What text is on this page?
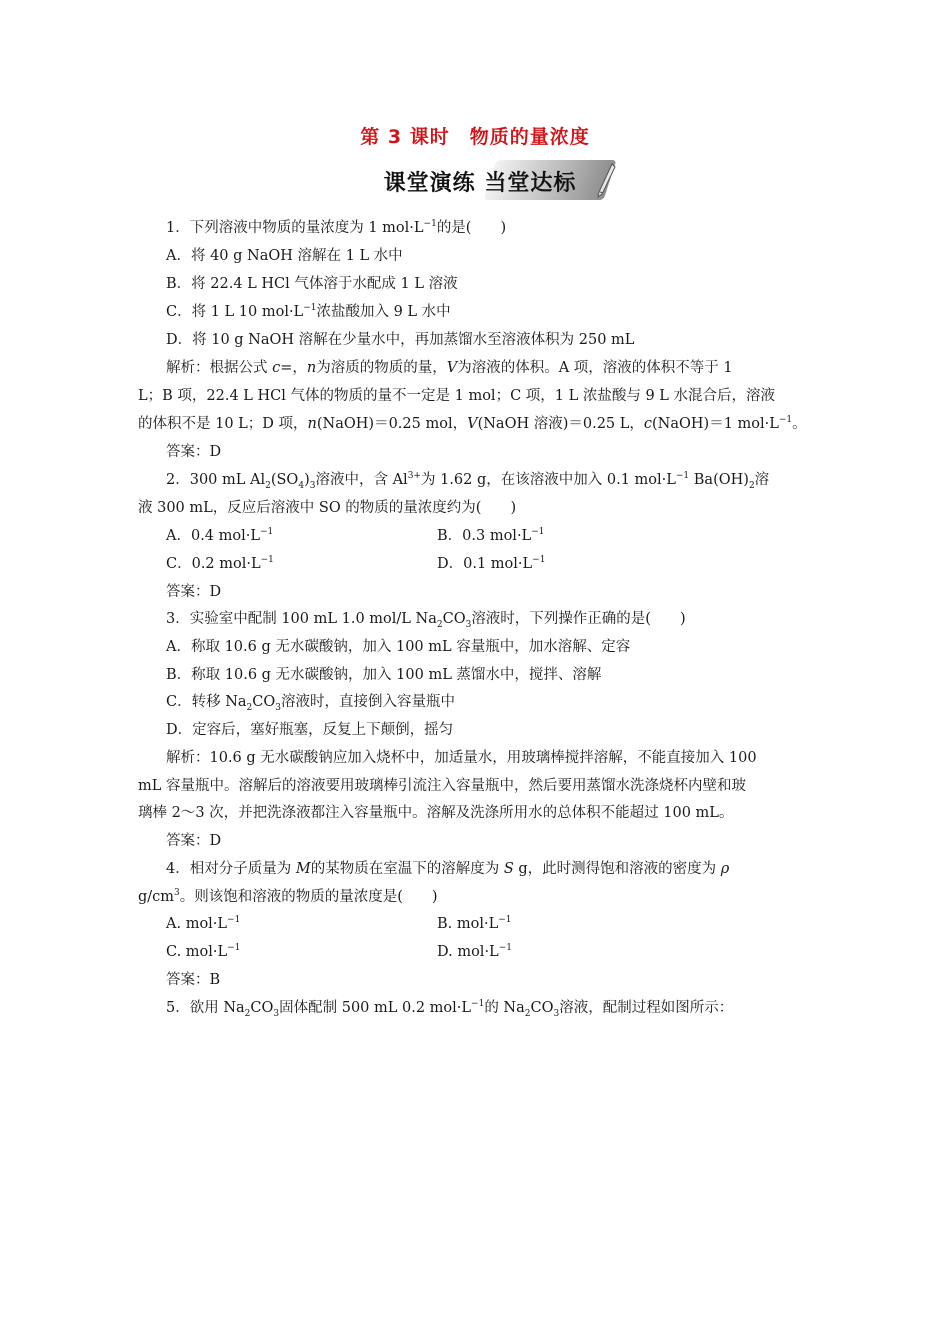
第 3 课时　物质的量浓度
课堂演练 当堂达标
1．下列溶液中物质的量浓度为 1 $mol\cdot L^{-1}$的是(　　)
A．将 40 g NaOH 溶解在 1 L 水中
B．将 22.4 L HCl 气体溶于水配成 1 L 溶液
C．将 1 L 10 $mol\cdot L^{-1}$浓盐酸加入 9 L 水中
D．将 10 g NaOH 溶解在少量水中，再加蒸馏水至溶液体积为 250 mL
解析：根据公式 c=，n为溶质的物质的量，V为溶液的体积。A 项，溶液的体积不等于 1
L；B 项，22.4 L HCl 气体的物质的量不一定是 1 mol；C 项，1 L 浓盐酸与 9 L 水混合后，溶液
的体积不是 10 L；D 项，n(NaOH)＝0.25 mol，V(NaOH 溶液)＝0.25 L，c(NaOH)＝1 $mol\cdot L^{-1}$。
答案：D
2．300 mL $Al_2(SO_4)_3$溶液中，含 $Al^{3+}$为 1.62 g，在该溶液中加入 0.1 $mol\cdot L^{-1}$ $Ba(OH)_2$溶
液 300 mL，反应后溶液中 SO 的物质的量浓度约为(　　)
A．0.4 $mol\cdot L^{-1}$	B．0.3 $mol\cdot L^{-1}$
C．0.2 $mol\cdot L^{-1}$	D．0.1 $mol\cdot L^{-1}$
答案：D
3．实验室中配制 100 mL 1.0 mol/L $Na_2CO_3$溶液时，下列操作正确的是(　　)
A．称取 10.6 g 无水碳酸钠，加入 100 mL 容量瓶中，加水溶解、定容
B．称取 10.6 g 无水碳酸钠，加入 100 mL 蒸馏水中，搅拌、溶解
C．转移 $Na_2CO_3$溶液时，直接倒入容量瓶中
D．定容后，塞好瓶塞，反复上下颠倒，摇匀
解析：10.6 g 无水碳酸钠应加入烧杯中，加适量水，用玻璃棒搅拌溶解，不能直接加入 100
mL 容量瓶中。溶解后的溶液要用玻璃棒引流注入容量瓶中，然后要用蒸馏水洗涤烧杯内壁和玻
璃棒 2～3 次，并把洗涤液都注入容量瓶中。溶解及洗涤所用水的总体积不能超过 100 mL。
答案：D
4．相对分子质量为 M的某物质在室温下的溶解度为 S g，此时测得饱和溶液的密度为 ρ
$g/cm^3$。则该饱和溶液的物质的量浓度是(　　)
A. $mol\cdot L^{-1}$	B. $mol\cdot L^{-1}$
C. $mol\cdot L^{-1}$	D. $mol\cdot L^{-1}$
答案：B
5．欲用 $Na_2CO_3$固体配制 500 mL 0.2 $mol\cdot L^{-1}$的 $Na_2CO_3$溶液，配制过程如图所示：
